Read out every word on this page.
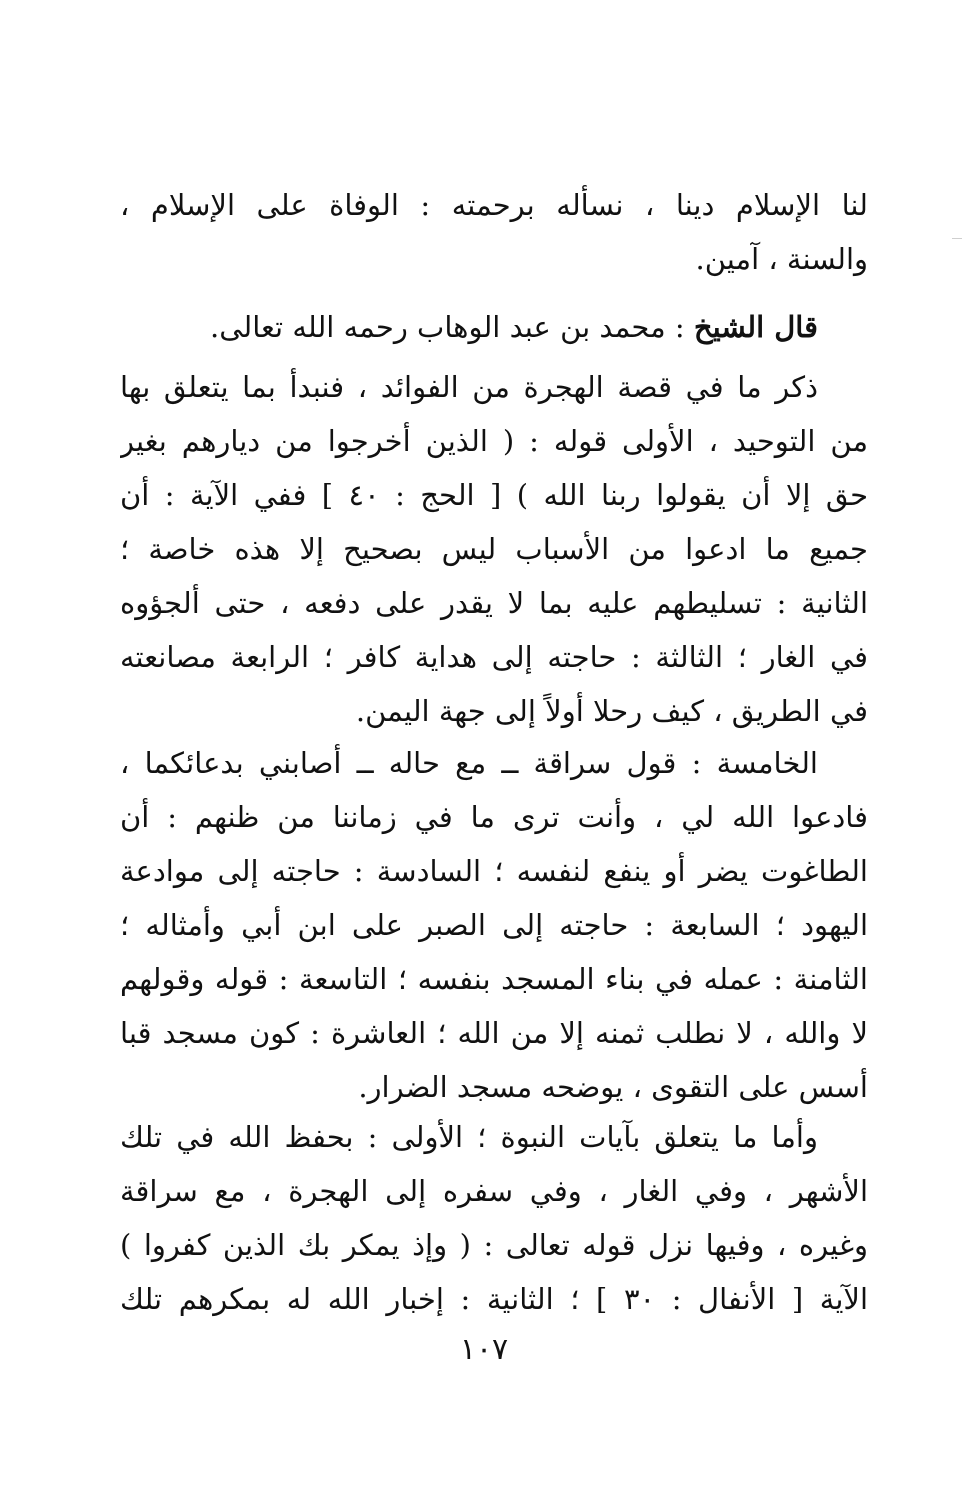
لنا الإسلام دينا ، نسأله برحمته : الوفاة على الإسلام ،
والسنة ، آمين.
قال الشيخ : محمد بن عبد الوهاب رحمه الله تعالى.
ذكر ما في قصة الهجرة من الفوائد ، فنبدأ بما يتعلق بها
من التوحيد ، الأولى قوله : ( الذين أخرجوا من ديارهم بغير
حق إلا أن يقولوا ربنا الله ) [ الحج : ٤٠ ] ففي الآية : أن
جميع ما ادعوا من الأسباب ليس بصحيح إلا هذه خاصة ؛
الثانية : تسليطهم عليه بما لا يقدر على دفعه ، حتى ألجؤوه
في الغار ؛ الثالثة : حاجته إلى هداية كافر ؛ الرابعة مصانعته
في الطريق ، كيف رحلا أولاً إلى جهة اليمن.
الخامسة : قول سراقة ــ مع حاله ــ أصابني بدعائكما ،
فادعوا الله لي ، وأنت ترى ما في زماننا من ظنهم : أن
الطاغوت يضر أو ينفع لنفسه ؛ السادسة : حاجته إلى موادعة
اليهود ؛ السابعة : حاجته إلى الصبر على ابن أبي وأمثاله ؛
الثامنة : عمله في بناء المسجد بنفسه ؛ التاسعة : قوله وقولهم
لا والله ، لا نطلب ثمنه إلا من الله ؛ العاشرة : كون مسجد قبا
أسس على التقوى ، يوضحه مسجد الضرار.
وأما ما يتعلق بآيات النبوة ؛ الأولى : بحفظ الله في تلك
الأشهر ، وفي الغار ، وفي سفره إلى الهجرة ، مع سراقة
وغيره ، وفيها نزل قوله تعالى : ( وإذ يمكر بك الذين كفروا )
الآية [ الأنفال : ٣٠ ] ؛ الثانية : إخبار الله له بمكرهم تلك
١٠٧
